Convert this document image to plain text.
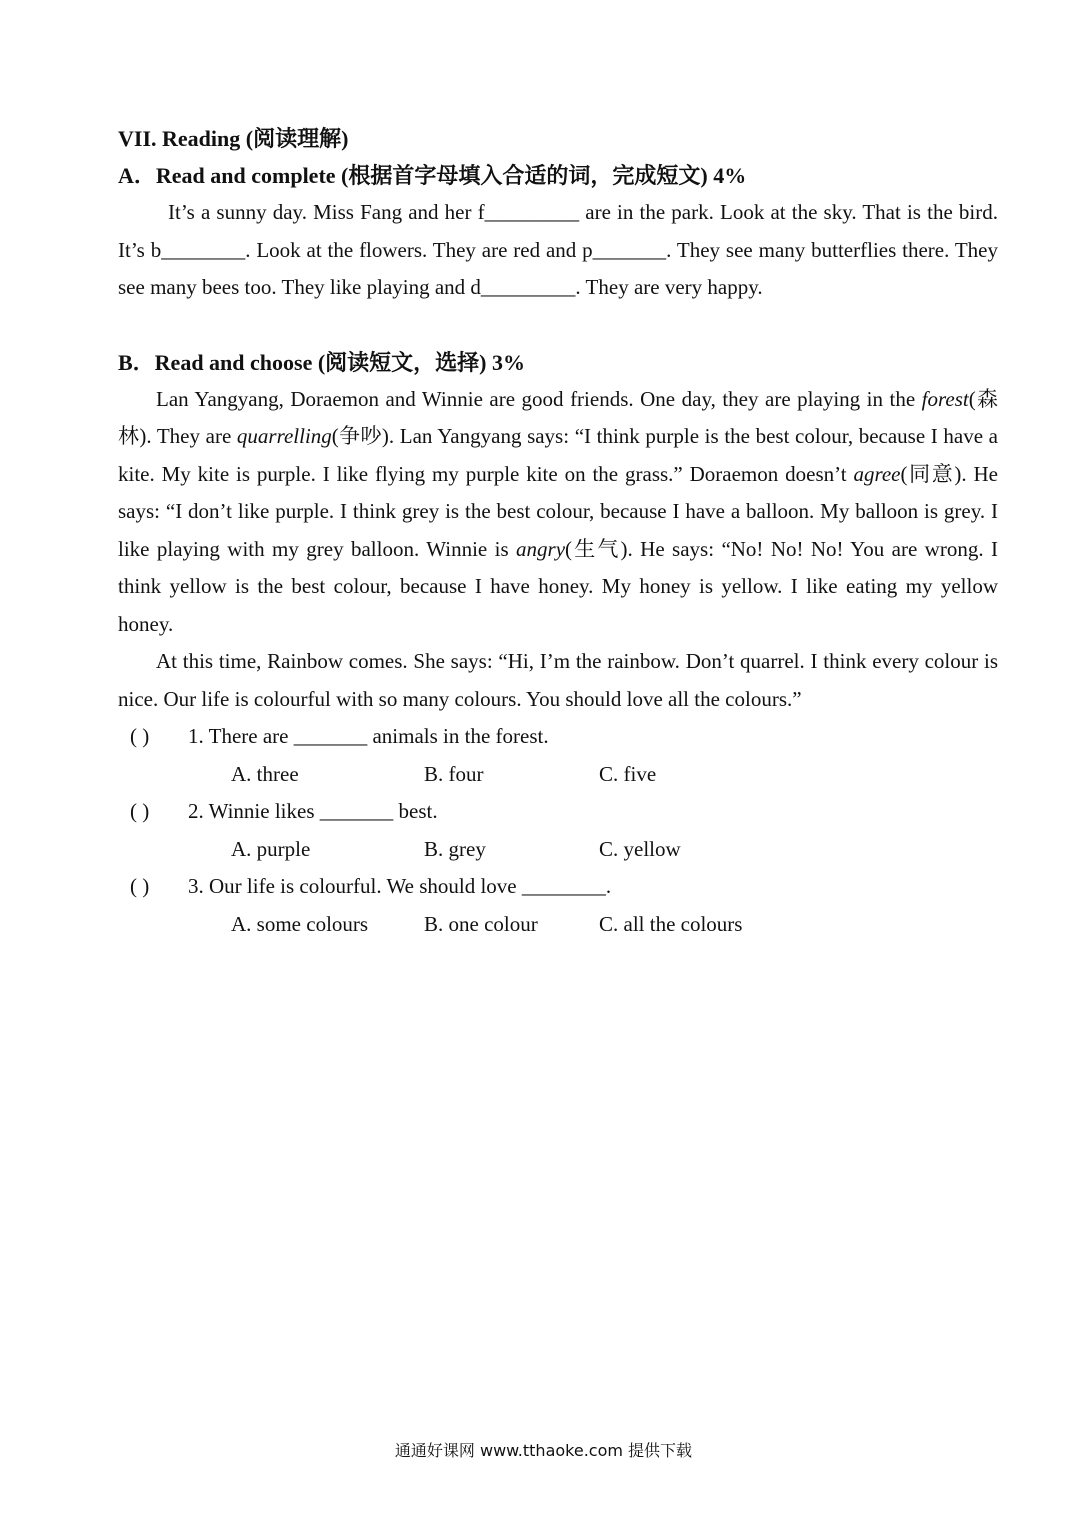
VII. Reading (阅读理解)

A．Read and complete (根据首字母填入合适的词，完成短文) 4%

It’s a sunny day. Miss Fang and her f_________ are in the park. Look at the sky. That is the bird. It’s b________. Look at the flowers. They are red and p_______. They see many butterflies there. They see many bees too. They like playing and d_________. They are very happy.

B．Read and choose (阅读短文，选择) 3%

Lan Yangyang, Doraemon and Winnie are good friends. One day, they are playing in the forest(森林). They are quarrelling(争吵). Lan Yangyang says: “I think purple is the best colour, because I have a kite. My kite is purple. I like flying my purple kite on the grass.” Doraemon doesn’t agree(同意). He says: “I don’t like purple. I think grey is the best colour, because I have a balloon. My balloon is grey. I like playing with my grey balloon. Winnie is angry(生气). He says: “No! No! No! You are wrong. I think yellow is the best colour, because I have honey. My honey is yellow. I like eating my yellow honey.

At this time, Rainbow comes. She says: “Hi, I’m the rainbow. Don’t quarrel. I think every colour is nice. Our life is colourful with so many colours. You should love all the colours.”

( ) 1. There are _______ animals in the forest.
A. three	B. four	C. five
( ) 2. Winnie likes _______ best.
A. purple	B. grey	C. yellow
( ) 3. Our life is colourful. We should love ________.
A. some colours	B. one colour	C. all the colours
通通好课网 www.tthaoke.com 提供下载
